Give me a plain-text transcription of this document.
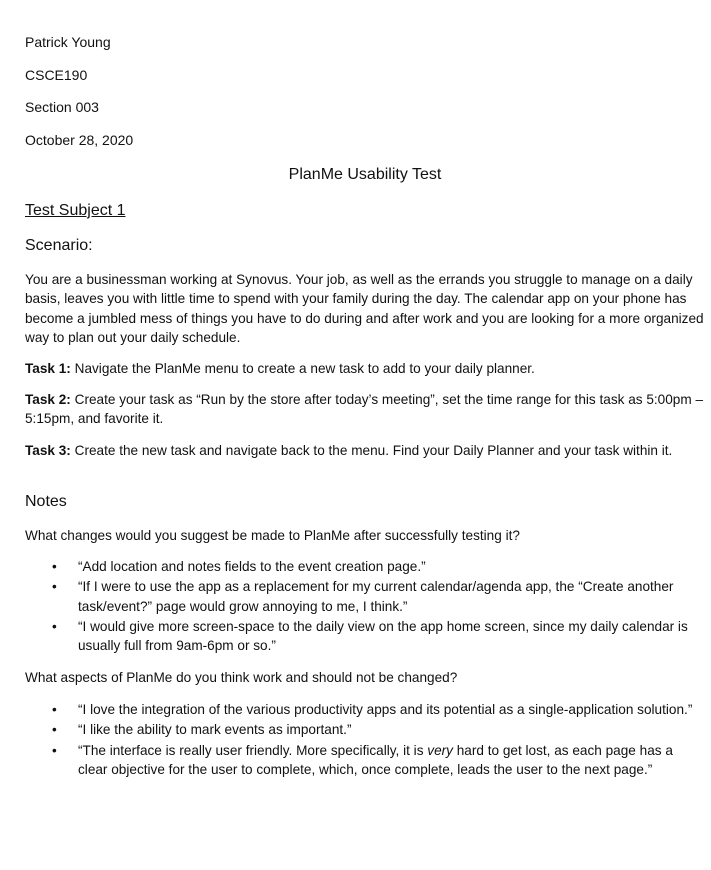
Patrick Young
CSCE190
Section 003
October 28, 2020
PlanMe Usability Test
Test Subject 1
Scenario:
You are a businessman working at Synovus. Your job, as well as the errands you struggle to manage on a daily basis, leaves you with little time to spend with your family during the day. The calendar app on your phone has become a jumbled mess of things you have to do during and after work and you are looking for a more organized way to plan out your daily schedule.
Task 1: Navigate the PlanMe menu to create a new task to add to your daily planner.
Task 2: Create your task as “Run by the store after today’s meeting”, set the time range for this task as 5:00pm – 5:15pm, and favorite it.
Task 3: Create the new task and navigate back to the menu. Find your Daily Planner and your task within it.
Notes
What changes would you suggest be made to PlanMe after successfully testing it?
• “Add location and notes fields to the event creation page.”
• “If I were to use the app as a replacement for my current calendar/agenda app, the “Create another task/event?” page would grow annoying to me, I think.”
• “I would give more screen-space to the daily view on the app home screen, since my daily calendar is usually full from 9am-6pm or so.”
What aspects of PlanMe do you think work and should not be changed?
• “I love the integration of the various productivity apps and its potential as a single-application solution.”
• “I like the ability to mark events as important.”
• “The interface is really user friendly. More specifically, it is very hard to get lost, as each page has a clear objective for the user to complete, which, once complete, leads the user to the next page.”
